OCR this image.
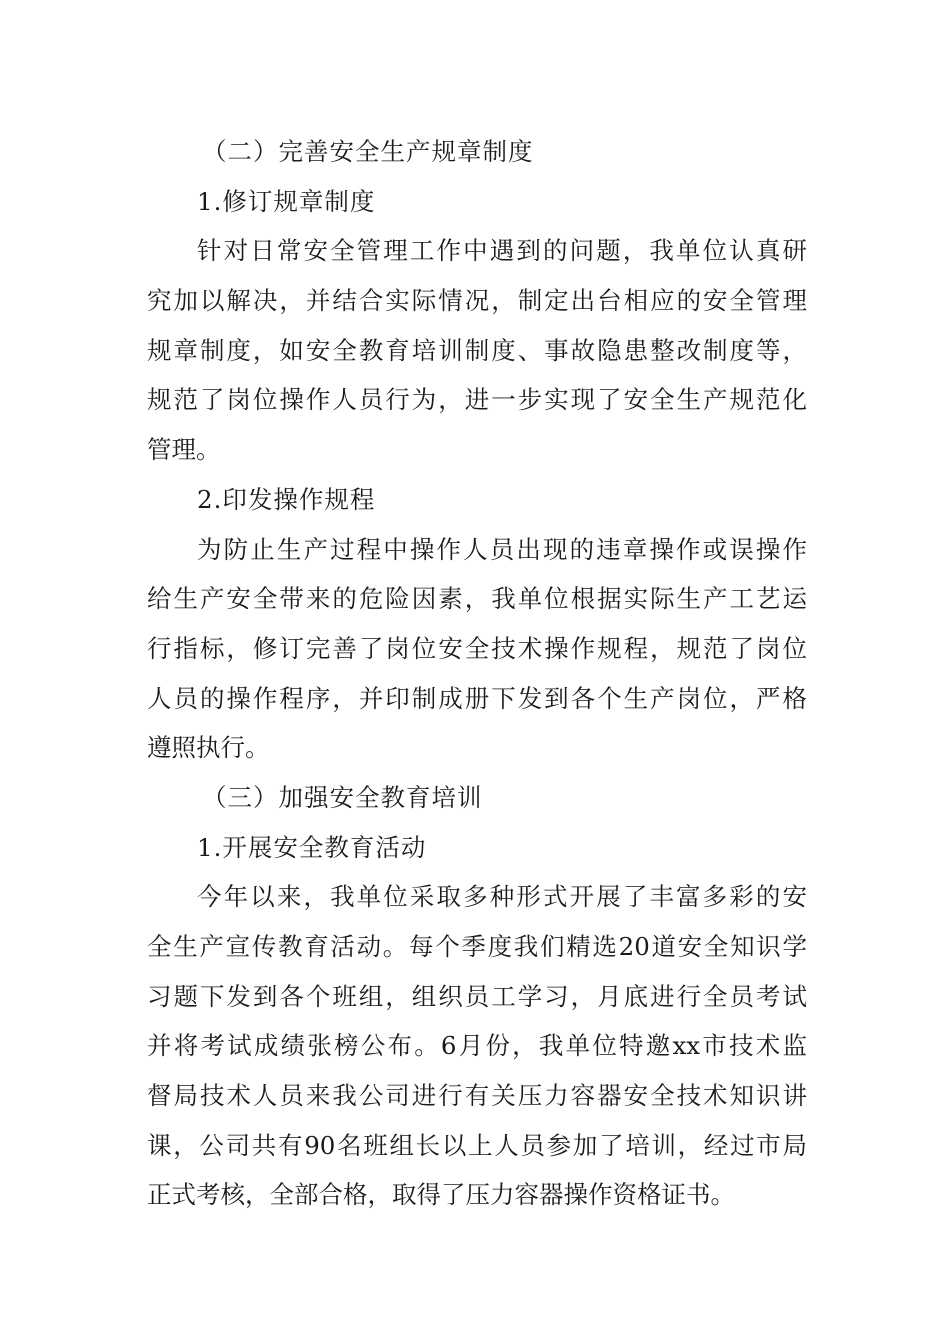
（二）完善安全生产规章制度
1.修订规章制度
针对日常安全管理工作中遇到的问题，我单位认真研
究加以解决，并结合实际情况，制定出台相应的安全管理
规章制度，如安全教育培训制度、事故隐患整改制度等，
规范了岗位操作人员行为，进一步实现了安全生产规范化
管理。
2.印发操作规程
为防止生产过程中操作人员出现的违章操作或误操作
给生产安全带来的危险因素，我单位根据实际生产工艺运
行指标，修订完善了岗位安全技术操作规程，规范了岗位
人员的操作程序，并印制成册下发到各个生产岗位，严格
遵照执行。
（三）加强安全教育培训
1.开展安全教育活动
今年以来，我单位采取多种形式开展了丰富多彩的安
全生产宣传教育活动。每个季度我们精选20道安全知识学
习题下发到各个班组，组织员工学习，月底进行全员考试
并将考试成绩张榜公布。6月份，我单位特邀xx市技术监
督局技术人员来我公司进行有关压力容器安全技术知识讲
课，公司共有90名班组长以上人员参加了培训，经过市局
正式考核，全部合格，取得了压力容器操作资格证书。
